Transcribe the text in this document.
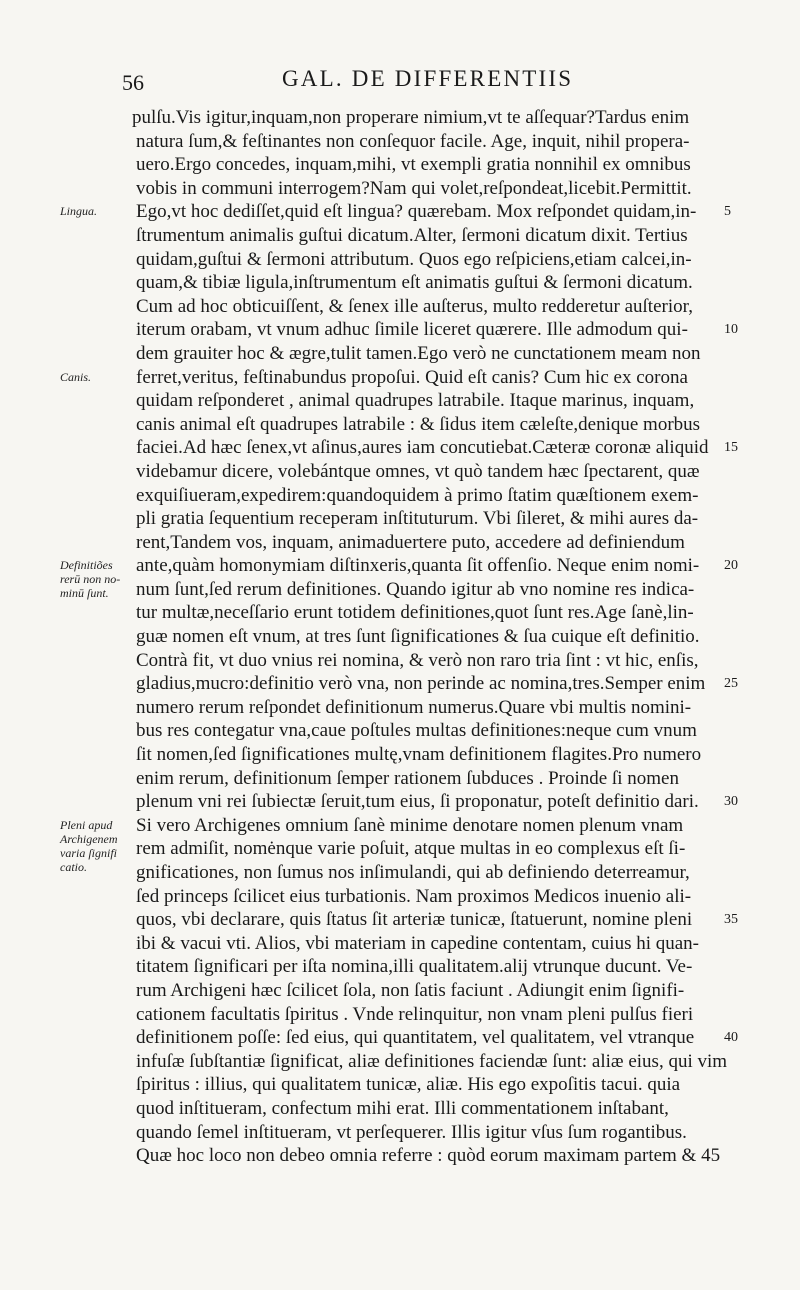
56	GAL. DE DIFFERENTIIS
pulſu.Vis igitur,inquam,non properare nimium,vt te aſſequar?Tardus enim
natura ſum,& feſtinantes non conſequor facile. Age, inquit, nihil propera-
uero.Ergo concedes, inquam,mihi, vt exempli gratia nonnihil ex omnibus
vobis in communi interrogem?Nam qui volet,reſpondeat,licebit.Permittit.
Ego,vt hoc dediſſet,quid eſt lingua? quærebam. Mox reſpondet quidam,in-
ſtrumentum animalis guſtui dicatum.Alter, ſermoni dicatum dixit. Tertius
quidam,guſtui & ſermoni attributum. Quos ego reſpiciens,etiam calcei,in-
quam,& tibiæ ligula,inſtrumentum eſt animatis guſtui & ſermoni dicatum.
Cum ad hoc obticuiſſent, & ſenex ille auſterus, multo redderetur auſterior,
iterum orabam, vt vnum adhuc ſimile liceret quærere. Ille admodum qui-
dem grauiter hoc & ægre,tulit tamen.Ego verò ne cunctationem meam non
ferret,veritus, feſtinabundus propoſui. Quid eſt canis? Cum hic ex corona
quidam reſponderet , animal quadrupes latrabile. Itaque marinus, inquam,
canis animal eſt quadrupes latrabile : & ſidus item cæleſte,denique morbus
faciei.Ad hæc ſenex,vt aſinus,aures iam concutiebat.Cæteræ coronæ aliquid
videbamur dicere, volebántque omnes, vt quò tandem hæc ſpectarent, quæ
exquiſiueram,expedirem:quandoquidem à primo ſtatim quæſtionem exem-
pli gratia ſequentium receperam inſtituturum. Vbi ſileret, & mihi aures da-
rent,Tandem vos, inquam, animaduertere puto, accedere ad definiendum
ante,quàm homonymiam diſtinxeris,quanta ſit offenſio. Neque enim nomi-
num ſunt,ſed rerum definitiones. Quando igitur ab vno nomine res indica-
tur multæ,neceſſario erunt totidem definitiones,quot ſunt res.Age ſanè,lin-
guæ nomen eſt vnum, at tres ſunt ſignificationes & ſua cuique eſt definitio.
Contrà fit, vt duo vnius rei nomina, & verò non raro tria ſint : vt hic, enſis,
gladius,mucro:definitio verò vna, non perinde ac nomina,tres.Semper enim
numero rerum reſpondet definitionum numerus.Quare vbi multis nomini-
bus res contegatur vna,caue poſtules multas definitiones:neque cum vnum
ſit nomen,ſed ſignificationes multę,vnam definitionem flagites.Pro numero
enim rerum, definitionum ſemper rationem ſubduces . Proinde ſi nomen
plenum vni rei ſubiectæ ſeruit,tum eius, ſi proponatur, poteſt definitio dari.
Si vero Archigenes omnium ſanè minime denotare nomen plenum vnam
rem admiſit, nomėnque varie poſuit, atque multas in eo complexus eſt ſi-
gnificationes, non ſumus nos inſimulandi, qui ab definiendo deterreamur,
ſed princeps ſcilicet eius turbationis. Nam proximos Medicos inuenio ali-
quos, vbi declarare, quis ſtatus ſit arteriæ tunicæ, ſtatuerunt, nomine pleni
ibi & vacui vti. Alios, vbi materiam in capedine contentam, cuius hi quan-
titatem ſignificari per iſta nomina,illi qualitatem.alij vtrunque ducunt. Ve-
rum Archigeni hæc ſcilicet ſola, non ſatis faciunt . Adiungit enim ſignifi-
cationem facultatis ſpiritus . Vnde relinquitur, non vnam pleni pulſus fieri
definitionem poſſe: ſed eius, qui quantitatem, vel qualitatem, vel vtranque
infuſæ ſubſtantiæ ſignificat, aliæ definitiones faciendæ ſunt: aliæ eius, qui vim
ſpiritus : illius, qui qualitatem tunicæ, aliæ. His ego expoſitis tacui. quia
quod inſtitueram, confectum mihi erat. Illi commentationem inſtabant,
quando ſemel inſtitueram, vt perſequerer. Illis igitur vſus ſum rogantibus.
Quæ hoc loco non debeo omnia referre : quòd eorum maximam partem & 45
Lingua.
Canis.
Definitiões
rerū non no-
minū ſunt.
Pleni apud
Archigenem
varia ſignifi
catio.
5
10
15
20
25
30
35
40
